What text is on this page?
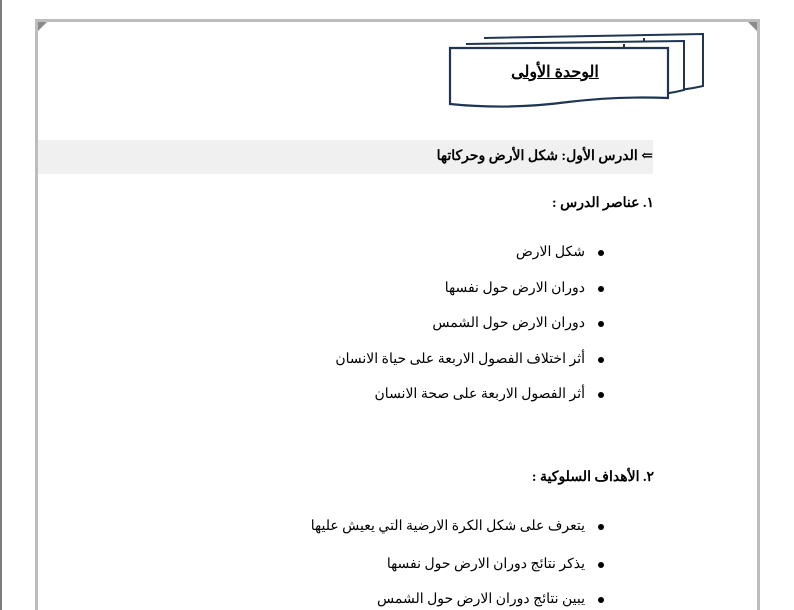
الوحدة الأولى
⇐ الدرس الأول: شكل الأرض وحركاتها
١. عناصر الدرس :
شكل الارض
دوران الارض حول نفسها
دوران الارض حول الشمس
أثر اختلاف الفصول الاربعة على حياة الانسان
أثر الفصول الاربعة على صحة الانسان
٢. الأهداف السلوكية :
يتعرف على شكل الكرة الارضية التي يعيش عليها
يذكر نتائج دوران الارض حول نفسها
يبين نتائج دوران الارض حول الشمس
